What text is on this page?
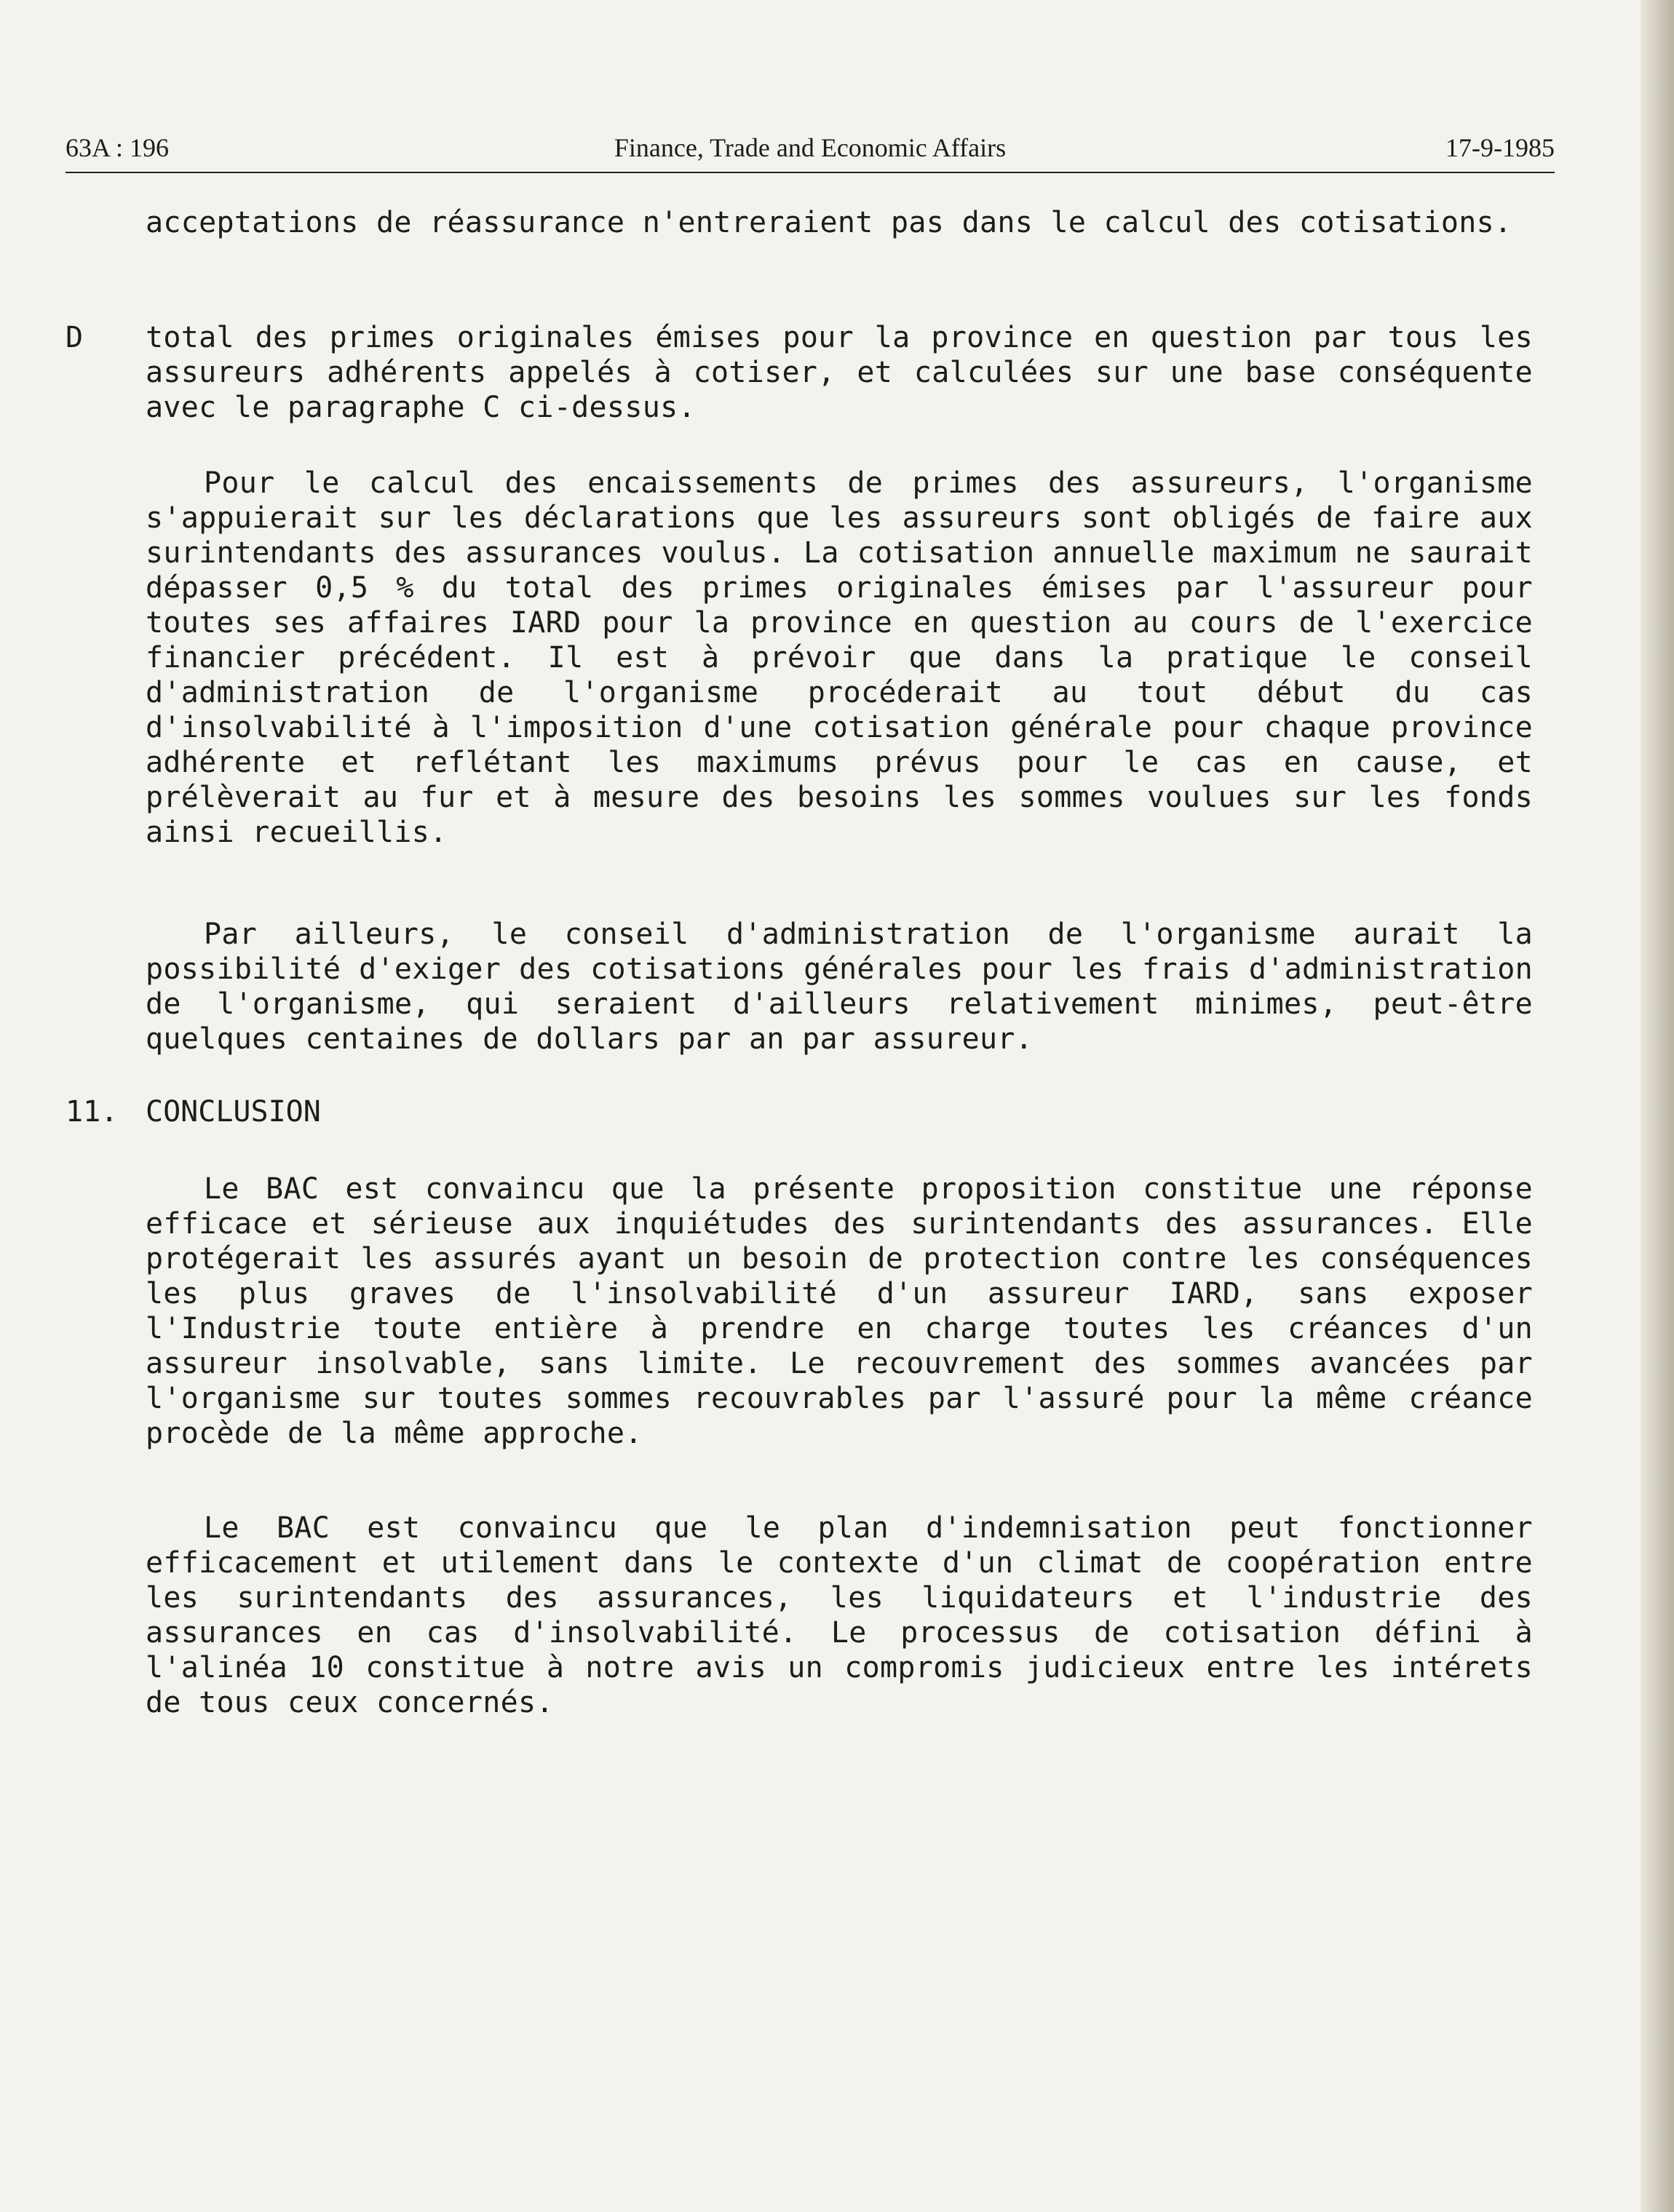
63A : 196	Finance, Trade and Economic Affairs	17-9-1985

acceptations de réassurance n'entreraient pas dans le calcul des cotisations.

D total des primes originales émises pour la province en question par tous les assureurs adhérents appelés à cotiser, et calculées sur une base conséquente avec le paragraphe C ci-dessus.

Pour le calcul des encaissements de primes des assureurs, l'organisme s'appuierait sur les déclarations que les assureurs sont obligés de faire aux surintendants des assurances voulus. La cotisation annuelle maximum ne saurait dépasser 0,5 % du total des primes originales émises par l'assureur pour toutes ses affaires IARD pour la province en question au cours de l'exercice financier précédent. Il est à prévoir que dans la pratique le conseil d'administration de l'organisme procéderait au tout début du cas d'insolvabilité à l'imposition d'une cotisation générale pour chaque province adhérente et reflétant les maximums prévus pour le cas en cause, et prélèverait au fur et à mesure des besoins les sommes voulues sur les fonds ainsi recueillis.

Par ailleurs, le conseil d'administration de l'organisme aurait la possibilité d'exiger des cotisations générales pour les frais d'administration de l'organisme, qui seraient d'ailleurs relativement minimes, peut-être quelques centaines de dollars par an par assureur.

11. CONCLUSION

Le BAC est convaincu que la présente proposition constitue une réponse efficace et sérieuse aux inquiétudes des surintendants des assurances. Elle protégerait les assurés ayant un besoin de protection contre les conséquences les plus graves de l'insolvabilité d'un assureur IARD, sans exposer l'Industrie toute entière à prendre en charge toutes les créances d'un assureur insolvable, sans limite. Le recouvrement des sommes avancées par l'organisme sur toutes sommes recouvrables par l'assuré pour la même créance procède de la même approche.

Le BAC est convaincu que le plan d'indemnisation peut fonctionner efficacement et utilement dans le contexte d'un climat de coopération entre les surintendants des assurances, les liquidateurs et l'industrie des assurances en cas d'insolvabilité. Le processus de cotisation défini à l'alinéa 10 constitue à notre avis un compromis judicieux entre les intérets de tous ceux concernés.
